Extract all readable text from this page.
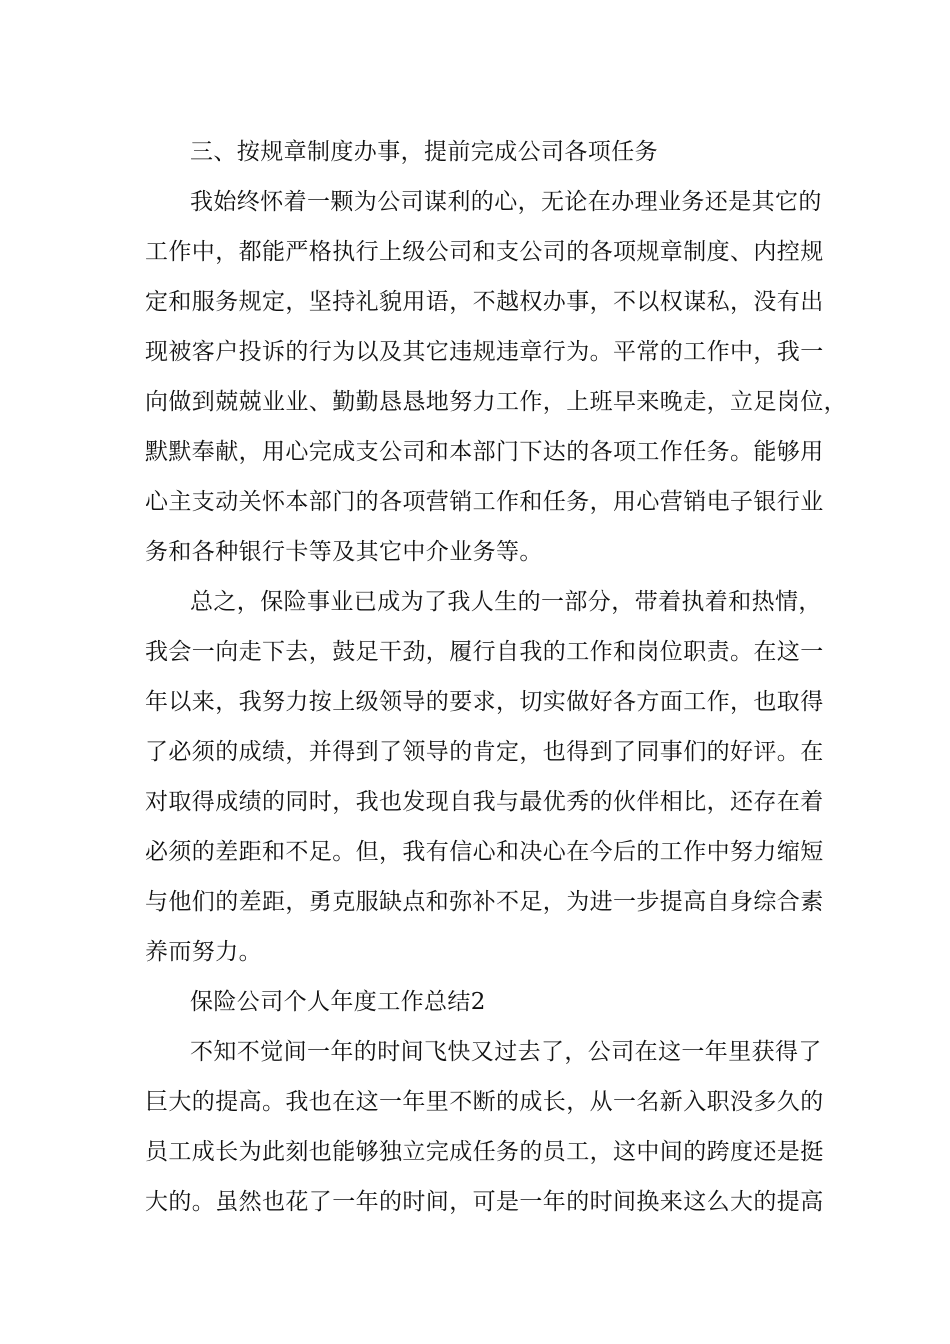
三、按规章制度办事，提前完成公司各项任务
我始终怀着一颗为公司谋利的心，无论在办理业务还是其它的
工作中，都能严格执行上级公司和支公司的各项规章制度、内控规
定和服务规定，坚持礼貌用语，不越权办事，不以权谋私，没有出
现被客户投诉的行为以及其它违规违章行为。平常的工作中，我一
向做到兢兢业业、勤勤恳恳地努力工作，上班早来晚走，立足岗位，
默默奉献，用心完成支公司和本部门下达的各项工作任务。能够用
心主支动关怀本部门的各项营销工作和任务，用心营销电子银行业
务和各种银行卡等及其它中介业务等。
总之，保险事业已成为了我人生的一部分，带着执着和热情，
我会一向走下去，鼓足干劲，履行自我的工作和岗位职责。在这一
年以来，我努力按上级领导的要求，切实做好各方面工作，也取得
了必须的成绩，并得到了领导的肯定，也得到了同事们的好评。在
对取得成绩的同时，我也发现自我与最优秀的伙伴相比，还存在着
必须的差距和不足。但，我有信心和决心在今后的工作中努力缩短
与他们的差距，勇克服缺点和弥补不足，为进一步提高自身综合素
养而努力。
保险公司个人年度工作总结2
不知不觉间一年的时间飞快又过去了，公司在这一年里获得了
巨大的提高。我也在这一年里不断的成长，从一名新入职没多久的
员工成长为此刻也能够独立完成任务的员工，这中间的跨度还是挺
大的。虽然也花了一年的时间，可是一年的时间换来这么大的提高
